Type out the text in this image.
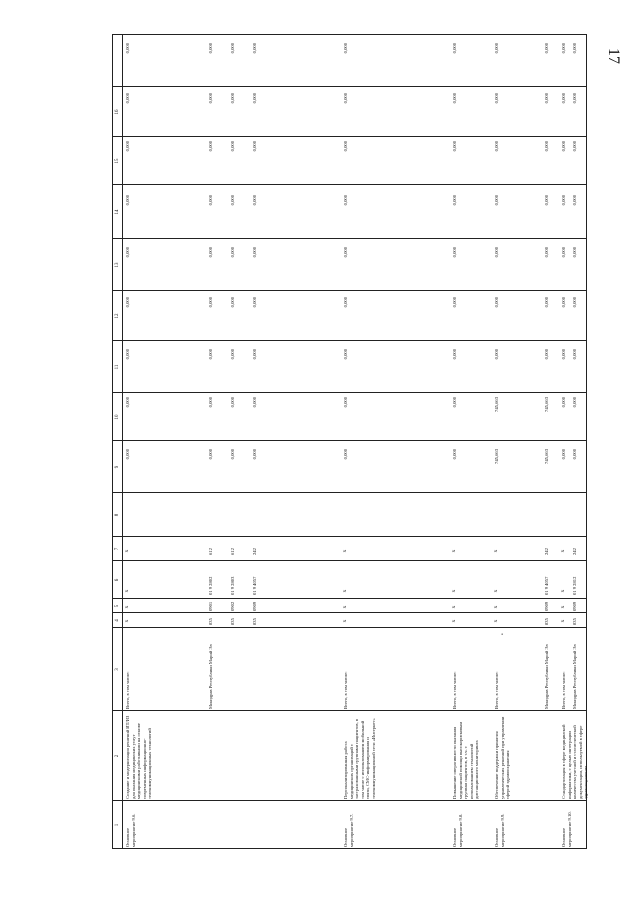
17
1
2
3
4
5
6
7
8
9
10
11
12
13
14
15
16
Основное мероприятие 9.6.
Создание и модернизация решений ИТ/ИЗ для оказания медицинских услуг медицинскими работниками на основе современных информационно-телекоммуникационных технологий
Всего, в том числе:
х
х
х
х
0,000
0,000
0,000
0,000
0,000
0,000
0,000
0,000
0,000
Минздрав Республики Марий Эл
835
0901
01 9 2802
612
0,000
0,000
0,000
0,000
0,000
0,000
0,000
0,000
0,000
835
0902
01 9 2803
612
0,000
0,000
0,000
0,000
0,000
0,000
0,000
0,000
0,000
835
0909
01 9 4057
242
0,000
0,000
0,000
0,000
0,000
0,000
0,000
0,000
0,000
Основное мероприятие 9.7.
Персонализированная работа медицинских организаций с застрахованными группами пациентов, в том числе с использованием мобильной связи, СМС-информирования и телекоммуникационной сети «Интернет»
Всего, в том числе:
х
х
х
х
0,000
0,000
0,000
0,000
0,000
0,000
0,000
0,000
0,000
Основное мероприятие 9.8.
Повышение оперативности оказания медицинской помощи высокорисковым группам пациентов, в т.ч. с использованием технологий дистанционного мониторинга
Всего, в том числе:
х
х
х
х
0,000
0,000
0,000
0,000
0,000
0,000
0,000
0,000
0,000
Основное мероприятие 9.9.
Обеспечение поддержки принятия управленческих решений при управлении сферой здравоохранения
Всего, в том числе:
х
х
х
х
745,663
745,663
0,000
0,000
0,000
0,000
0,000
0,000
0,000
Минздрав Республики Марий Эл
835
0909
01 9 4057
242
745,663
745,663
0,000
0,000
0,000
0,000
0,000
0,000
0,000
Основное мероприятие 9.10.
Стандартизация в сфере медицинской информатики, с целью интеграции количества учетной и статистической документации, используемой в сфере здравоохранения
Всего, в том числе:
х
х
х
х
0,000
0,000
0,000
0,000
0,000
0,000
0,000
0,000
0,000
Минздрав Республики Марий Эл
835
0909
01 9 2812
242
0,000
0,000
0,000
0,000
0,000
0,000
0,000
0,000
0,000
•
